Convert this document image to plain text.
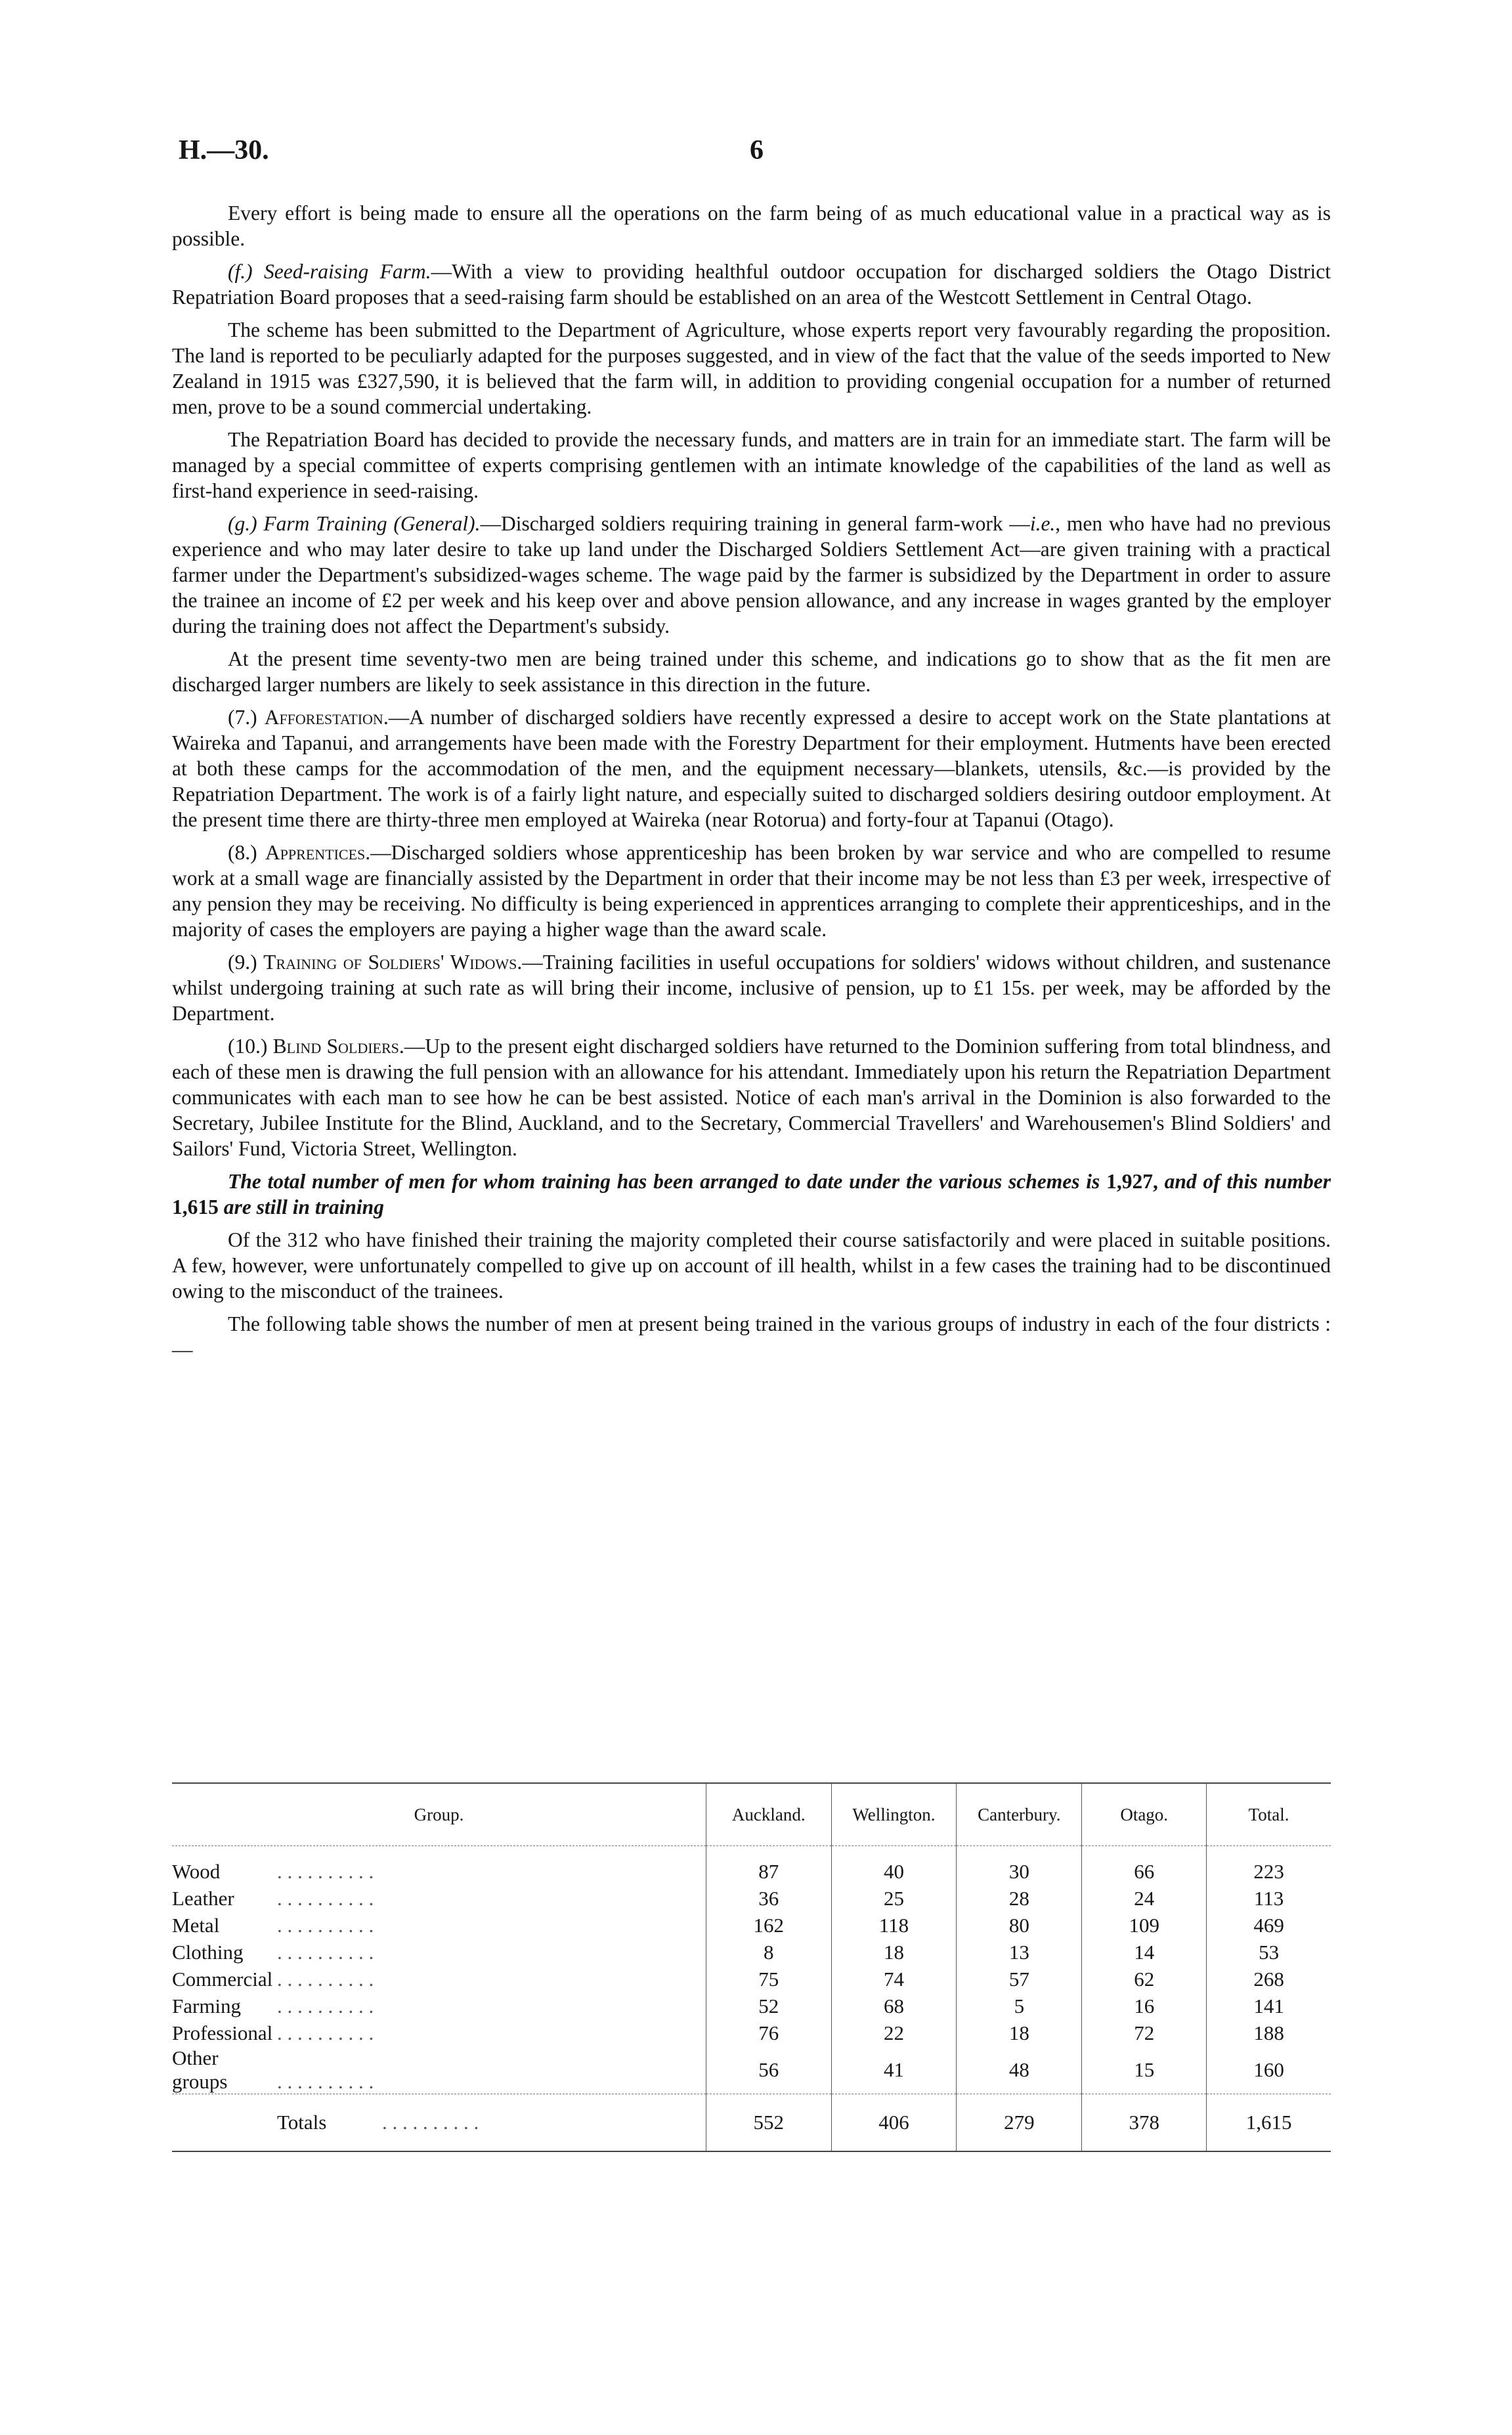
H.—30.	6

Every effort is being made to ensure all the operations on the farm being of as much educational value in a practical way as is possible.

(f.) Seed-raising Farm.—With a view to providing healthful outdoor occupation for discharged soldiers the Otago District Repatriation Board proposes that a seed-raising farm should be established on an area of the Westcott Settlement in Central Otago.

The scheme has been submitted to the Department of Agriculture, whose experts report very favourably regarding the proposition. The land is reported to be peculiarly adapted for the purposes suggested, and in view of the fact that the value of the seeds imported to New Zealand in 1915 was £327,590, it is believed that the farm will, in addition to providing congenial occupation for a number of returned men, prove to be a sound commercial undertaking.

The Repatriation Board has decided to provide the necessary funds, and matters are in train for an immediate start. The farm will be managed by a special committee of experts comprising gentlemen with an intimate knowledge of the capabilities of the land as well as first-hand experience in seed-raising.

(g.) Farm Training (General).—Discharged soldiers requiring training in general farm-work —i.e., men who have had no previous experience and who may later desire to take up land under the Discharged Soldiers Settlement Act—are given training with a practical farmer under the Department's subsidized-wages scheme. The wage paid by the farmer is subsidized by the Department in order to assure the trainee an income of £2 per week and his keep over and above pension allowance, and any increase in wages granted by the employer during the training does not affect the Department's subsidy.

At the present time seventy-two men are being trained under this scheme, and indications go to show that as the fit men are discharged larger numbers are likely to seek assistance in this direction in the future.

(7.) Afforestation.—A number of discharged soldiers have recently expressed a desire to accept work on the State plantations at Waireka and Tapanui, and arrangements have been made with the Forestry Department for their employment. Hutments have been erected at both these camps for the accommodation of the men, and the equipment necessary—blankets, utensils, &c.—is provided by the Repatriation Department. The work is of a fairly light nature, and especially suited to discharged soldiers desiring outdoor employment. At the present time there are thirty-three men employed at Waireka (near Rotorua) and forty-four at Tapanui (Otago).

(8.) Apprentices.—Discharged soldiers whose apprenticeship has been broken by war service and who are compelled to resume work at a small wage are financially assisted by the Department in order that their income may be not less than £3 per week, irrespective of any pension they may be receiving. No difficulty is being experienced in apprentices arranging to complete their apprenticeships, and in the majority of cases the employers are paying a higher wage than the award scale.

(9.) Training of Soldiers' Widows.—Training facilities in useful occupations for soldiers' widows without children, and sustenance whilst undergoing training at such rate as will bring their income, inclusive of pension, up to £1 15s. per week, may be afforded by the Department.

(10.) Blind Soldiers.—Up to the present eight discharged soldiers have returned to the Dominion suffering from total blindness, and each of these men is drawing the full pension with an allowance for his attendant. Immediately upon his return the Repatriation Department communicates with each man to see how he can be best assisted. Notice of each man's arrival in the Dominion is also forwarded to the Secretary, Jubilee Institute for the Blind, Auckland, and to the Secretary, Commercial Travellers' and Warehousemen's Blind Soldiers' and Sailors' Fund, Victoria Street, Wellington.

The total number of men for whom training has been arranged to date under the various schemes is 1,927, and of this number 1,615 are still in training

Of the 312 who have finished their training the majority completed their course satisfactorily and were placed in suitable positions. A few, however, were unfortunately compelled to give up on account of ill health, whilst in a few cases the training had to be discontinued owing to the misconduct of the trainees.

The following table shows the number of men at present being trained in the various groups of industry in each of the four districts :—

Group.	Auckland.	Wellington.	Canterbury.	Otago.	Total.
Wood . . . . . . . . . .	87	40	30	66	223
Leather . . . . . . . . . .	36	25	28	24	113
Metal . . . . . . . . . .	162	118	80	109	469
Clothing . . . . . . . . . .	8	18	13	14	53
Commercial . . . . . . . . . .	75	74	57	62	268
Farming . . . . . . . . . .	52	68	5	16	141
Professional . . . . . . . . . .	76	22	18	72	188
Other groups . . . . . . . . . .	56	41	48	15	160
Totals . . . . . . . . . .	552	406	279	378	1,615
